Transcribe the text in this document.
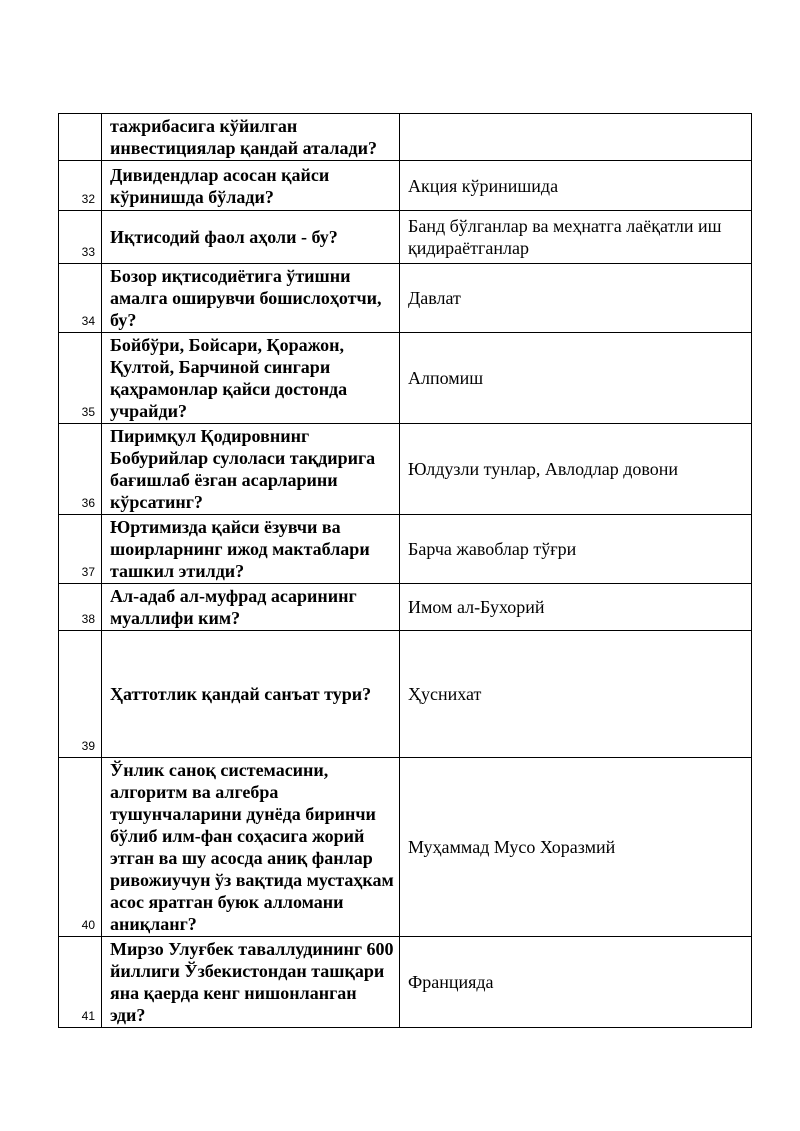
	тажрибасига кўйилган инвестициялар қандай аталади?	
32	Дивидендлар асосан қайси кўринишда бўлади?	Акция кўринишида
33	Иқтисодий фаол аҳоли - бу?	Банд бўлганлар ва меҳнатга лаёқатли иш қидираётганлар
34	Бозор иқтисодиётига ўтишни амалга оширувчи бошислоҳотчи, бу?	Давлат
35	Бойбўри, Бойсари, Қоражон, Қултой, Барчиной сингари қаҳрамонлар қайси достонда учрайди?	Алпомиш
36	Пиримқул Қодировнинг Бобурийлар сулоласи тақдирига бағишлаб ёзган асарларини кўрсатинг?	Юлдузли тунлар, Авлодлар довони
37	Юртимизда қайси ёзувчи ва шоирларнинг ижод мактаблари ташкил этилди?	Барча жавоблар тўғри
38	Ал-адаб ал-муфрад асарининг муаллифи ким?	Имом ал-Бухорий
39	Ҳаттотлик қандай санъат тури?	Ҳуснихат
40	Ўнлик саноқ системасини, алгоритм ва алгебра тушунчаларини дунёда биринчи бўлиб илм-фан соҳасига жорий этган ва шу асосда аниқ фанлар ривожиучун ўз вақтида мустаҳкам асос яратган буюк алломани аниқланг?	Муҳаммад Мусо Хоразмий
41	Мирзо Улуғбек таваллудининг 600 йиллиги Ўзбекистондан ташқари яна қаерда кенг нишонланган эди?	Францияда
